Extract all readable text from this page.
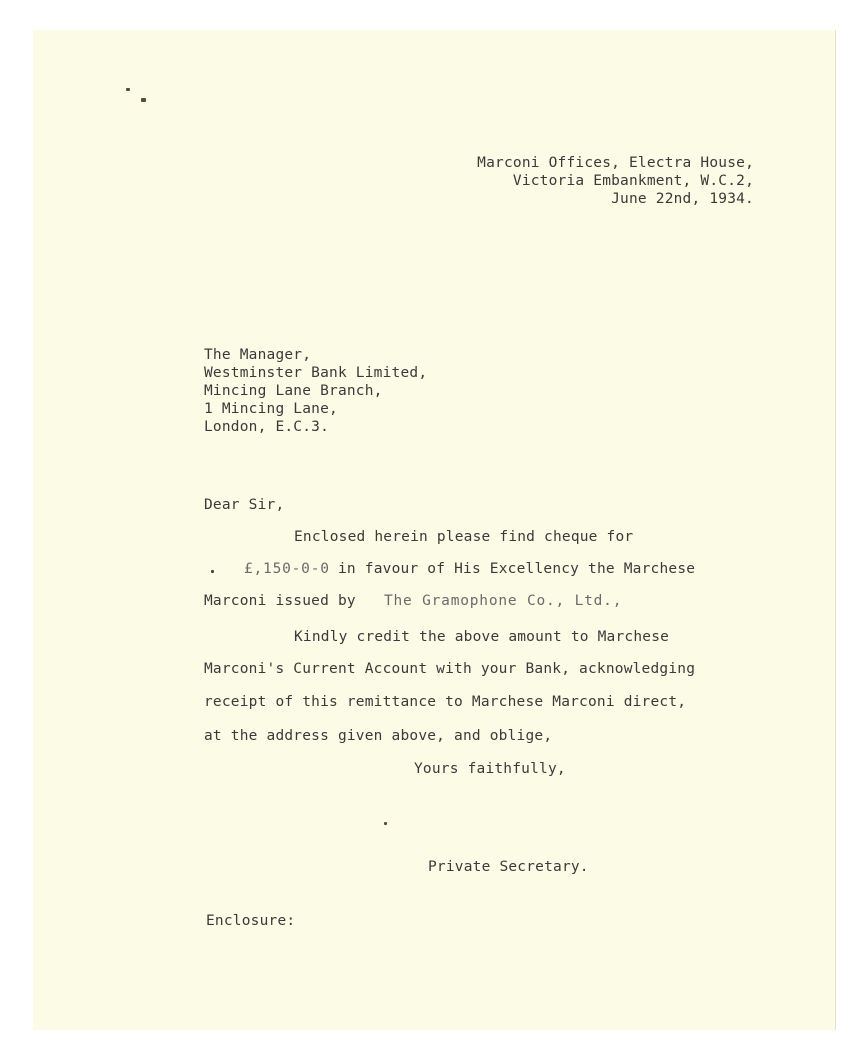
Marconi Offices, Electra House,
Victoria Embankment, W.C.2,
June 22nd, 1934.
The Manager,
Westminster Bank Limited,
Mincing Lane Branch,
1 Mincing Lane,
London, E.C.3.
Dear Sir,
Enclosed herein please find cheque for
£,150-0-0 in favour of His Excellency the Marchese
Marconi issued by The Gramophone Co., Ltd.,
Kindly credit the above amount to Marchese
Marconi's Current Account with your Bank, acknowledging
receipt of this remittance to Marchese Marconi direct,
at the address given above, and oblige,
Yours faithfully,
Private Secretary.
Enclosure:
